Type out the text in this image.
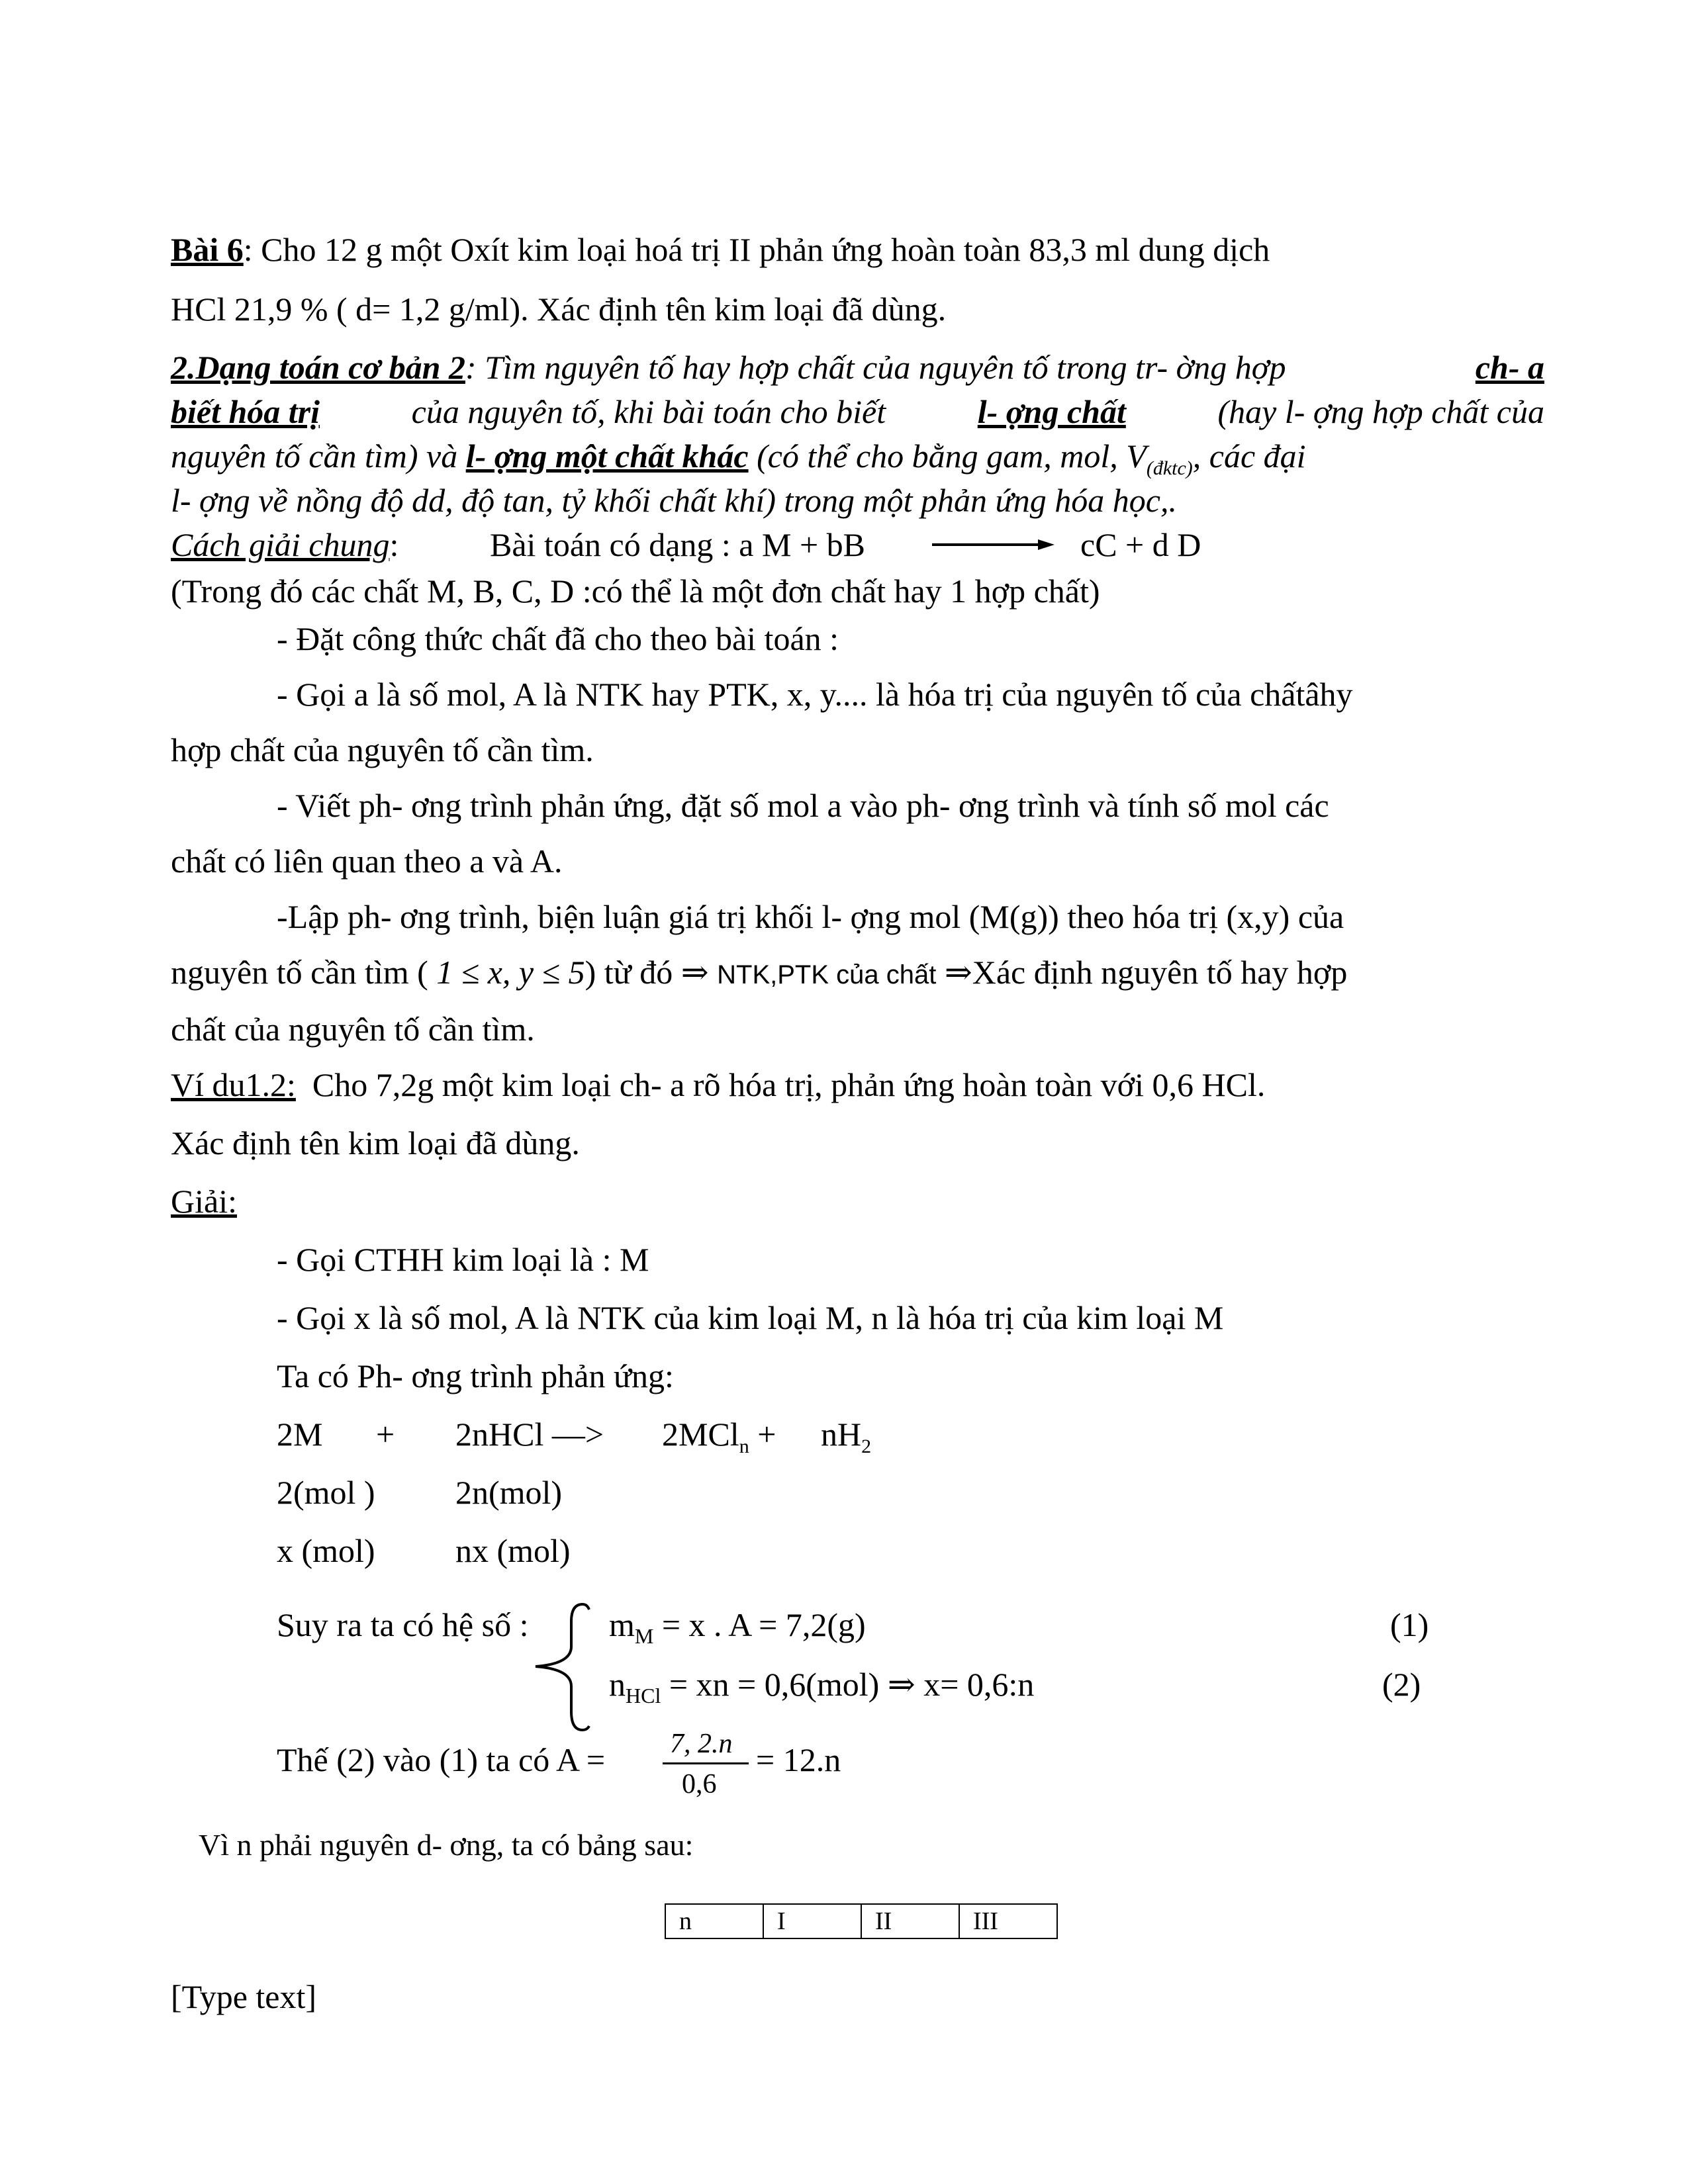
Bài 6: Cho 12 g một Oxít kim loại hoá trị II phản ứng hoàn toàn 83,3 ml dung dịch
HCl 21,9 % ( d= 1,2 g/ml). Xác định tên kim loại đã dùng.
2.Dạng toán cơ bản 2: Tìm nguyên tố hay hợp chất của nguyên tố trong tr- ờng hợp	ch- a
biết hóa trị	của nguyên tố, khi bài toán cho biết	l- ợng chất	(hay l- ợng hợp chất của
nguyên tố cần tìm) và l- ợng một chất khác (có thể cho bằng gam, mol, $V_{(đktc)}$, các đại
l- ợng về nồng độ dd, độ tan, tỷ khối chất khí) trong một phản ứng hóa học,.
Cách giải chung:	Bài toán có dạng : a M + bB	cC + d D
(Trong đó các chất M, B, C, D :có thể là một đơn chất hay 1 hợp chất)
- Đặt công thức chất đã cho theo bài toán :
- Gọi a là số mol, A là NTK hay PTK, x, y.... là hóa trị của nguyên tố của chấtâhy
hợp chất của nguyên tố cần tìm.
- Viết ph- ơng trình phản ứng, đặt số mol a vào ph- ơng trình và tính số mol các
chất có liên quan theo a và A.
-Lập ph- ơng trình, biện luận giá trị khối l- ợng mol (M(g)) theo hóa trị (x,y) của
nguyên tố cần tìm ( 1 ≤ x, y ≤ 5) từ đó ⇒ NTK,PTK của chất ⇒Xác định nguyên tố hay hợp
chất của nguyên tố cần tìm.
Ví du1.2: Cho 7,2g một kim loại ch- a rõ hóa trị, phản ứng hoàn toàn với 0,6 HCl.
Xác định tên kim loại đã dùng.
Giải:
- Gọi CTHH kim loại là : M
- Gọi x là số mol, A là NTK của kim loại M, n là hóa trị của kim loại M
Ta có Ph- ơng trình phản ứng:
2M + 2nHCl —> $2MCl_n + nH_2$
2(mol ) 2n(mol)
x (mol) nx (mol)
Suy ra ta có hệ số : $m_M = x$ . A = 7,2(g)	(1)
$n_{HCl}$ = xn = 0,6(mol) ⇒ x= 0,6:n	(2)
Thế (2) vào (1) ta có A = 7, 2.n
0,6
= 12.n
Vì n phải nguyên d- ơng, ta có bảng sau:
n	I	II	III
[Type text]
